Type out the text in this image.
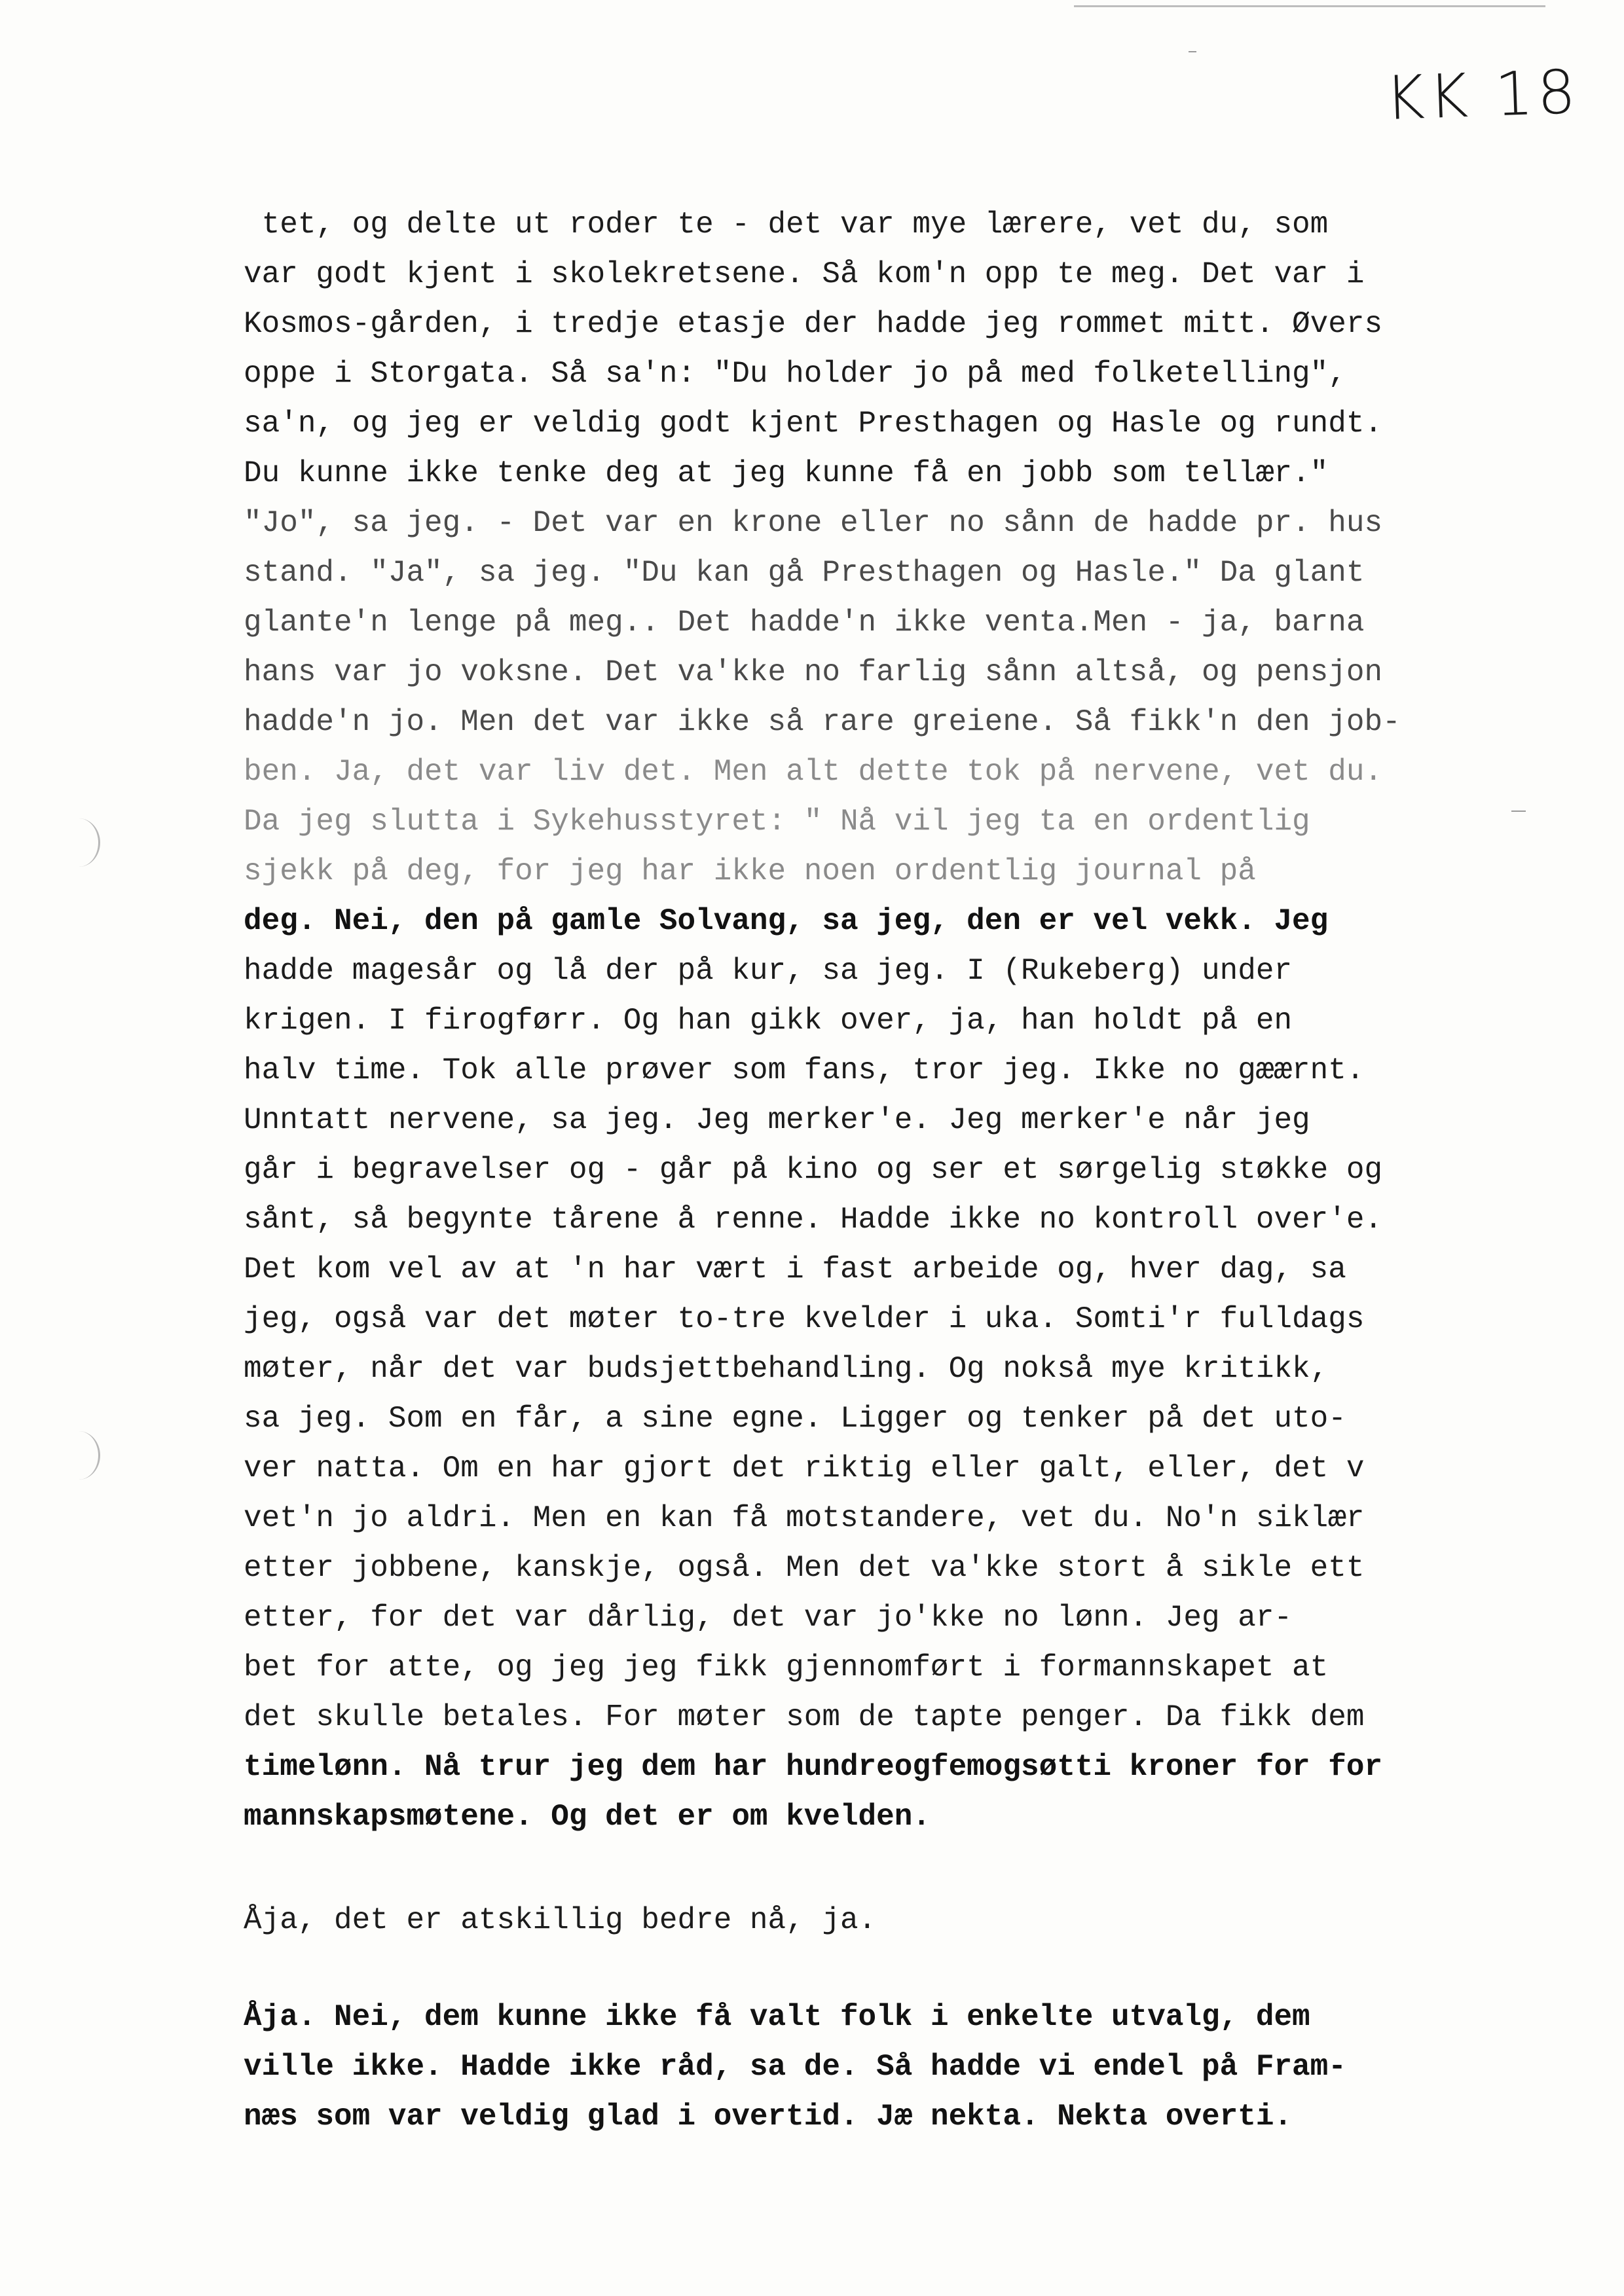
KK 18
tet, og delte ut roder te - det var mye lærere, vet du, som
var godt kjent i skolekretsene. Så kom'n opp te meg. Det var i
Kosmos-gården, i tredje etasje der hadde jeg rommet mitt. Øvers
oppe i Storgata. Så sa'n: "Du holder jo på med folketelling",
sa'n, og jeg er veldig godt kjent Presthagen og Hasle og rundt.
Du kunne ikke tenke deg at jeg kunne få en jobb som tellær."
"Jo", sa jeg. - Det var en krone eller no sånn de hadde pr. hus
stand. "Ja", sa jeg. "Du kan gå Presthagen og Hasle." Da glant
glante'n lenge på meg.. Det hadde'n ikke venta.Men - ja, barna
hans var jo voksne. Det va'kke no farlig sånn altså, og pensjon
hadde'n jo. Men det var ikke så rare greiene. Så fikk'n den job-
ben. Ja, det var liv det. Men alt dette tok på nervene, vet du.
Da jeg slutta i Sykehusstyret: " Nå vil jeg ta en ordentlig
sjekk på deg, for jeg har ikke noen ordentlig journal på
deg. Nei, den på gamle Solvang, sa jeg, den er vel vekk. Jeg
hadde magesår og lå der på kur, sa jeg. I (Rukeberg) under
krigen. I firogførr. Og han gikk over, ja, han holdt på en
halv time. Tok alle prøver som fans, tror jeg. Ikke no gæærnt.
Unntatt nervene, sa jeg. Jeg merker'e. Jeg merker'e når jeg
går i begravelser og - går på kino og ser et sørgelig støkke og
sånt, så begynte tårene å renne. Hadde ikke no kontroll over'e.
Det kom vel av at 'n har vært i fast arbeide og, hver dag, sa
jeg, også var det møter to-tre kvelder i uka. Somti'r fulldags
møter, når det var budsjettbehandling. Og nokså mye kritikk,
sa jeg. Som en får, a sine egne. Ligger og tenker på det uto-
ver natta. Om en har gjort det riktig eller galt, eller, det v
vet'n jo aldri. Men en kan få motstandere, vet du. No'n siklær
etter jobbene, kanskje, også. Men det va'kke stort å sikle ett
etter, for det var dårlig, det var jo'kke no lønn. Jeg ar-
bet for atte, og jeg jeg fikk gjennomført i formannskapet at
det skulle betales. For møter som de tapte penger. Da fikk dem
timelønn. Nå trur jeg dem har hundreogfemogsøtti kroner for for
mannskapsmøtene. Og det er om kvelden.
Åja, det er atskillig bedre nå, ja.
Åja. Nei, dem kunne ikke få valt folk i enkelte utvalg, dem
ville ikke. Hadde ikke råd, sa de. Så hadde vi endel på Fram-
næs som var veldig glad i overtid. Jæ nekta. Nekta overti.
